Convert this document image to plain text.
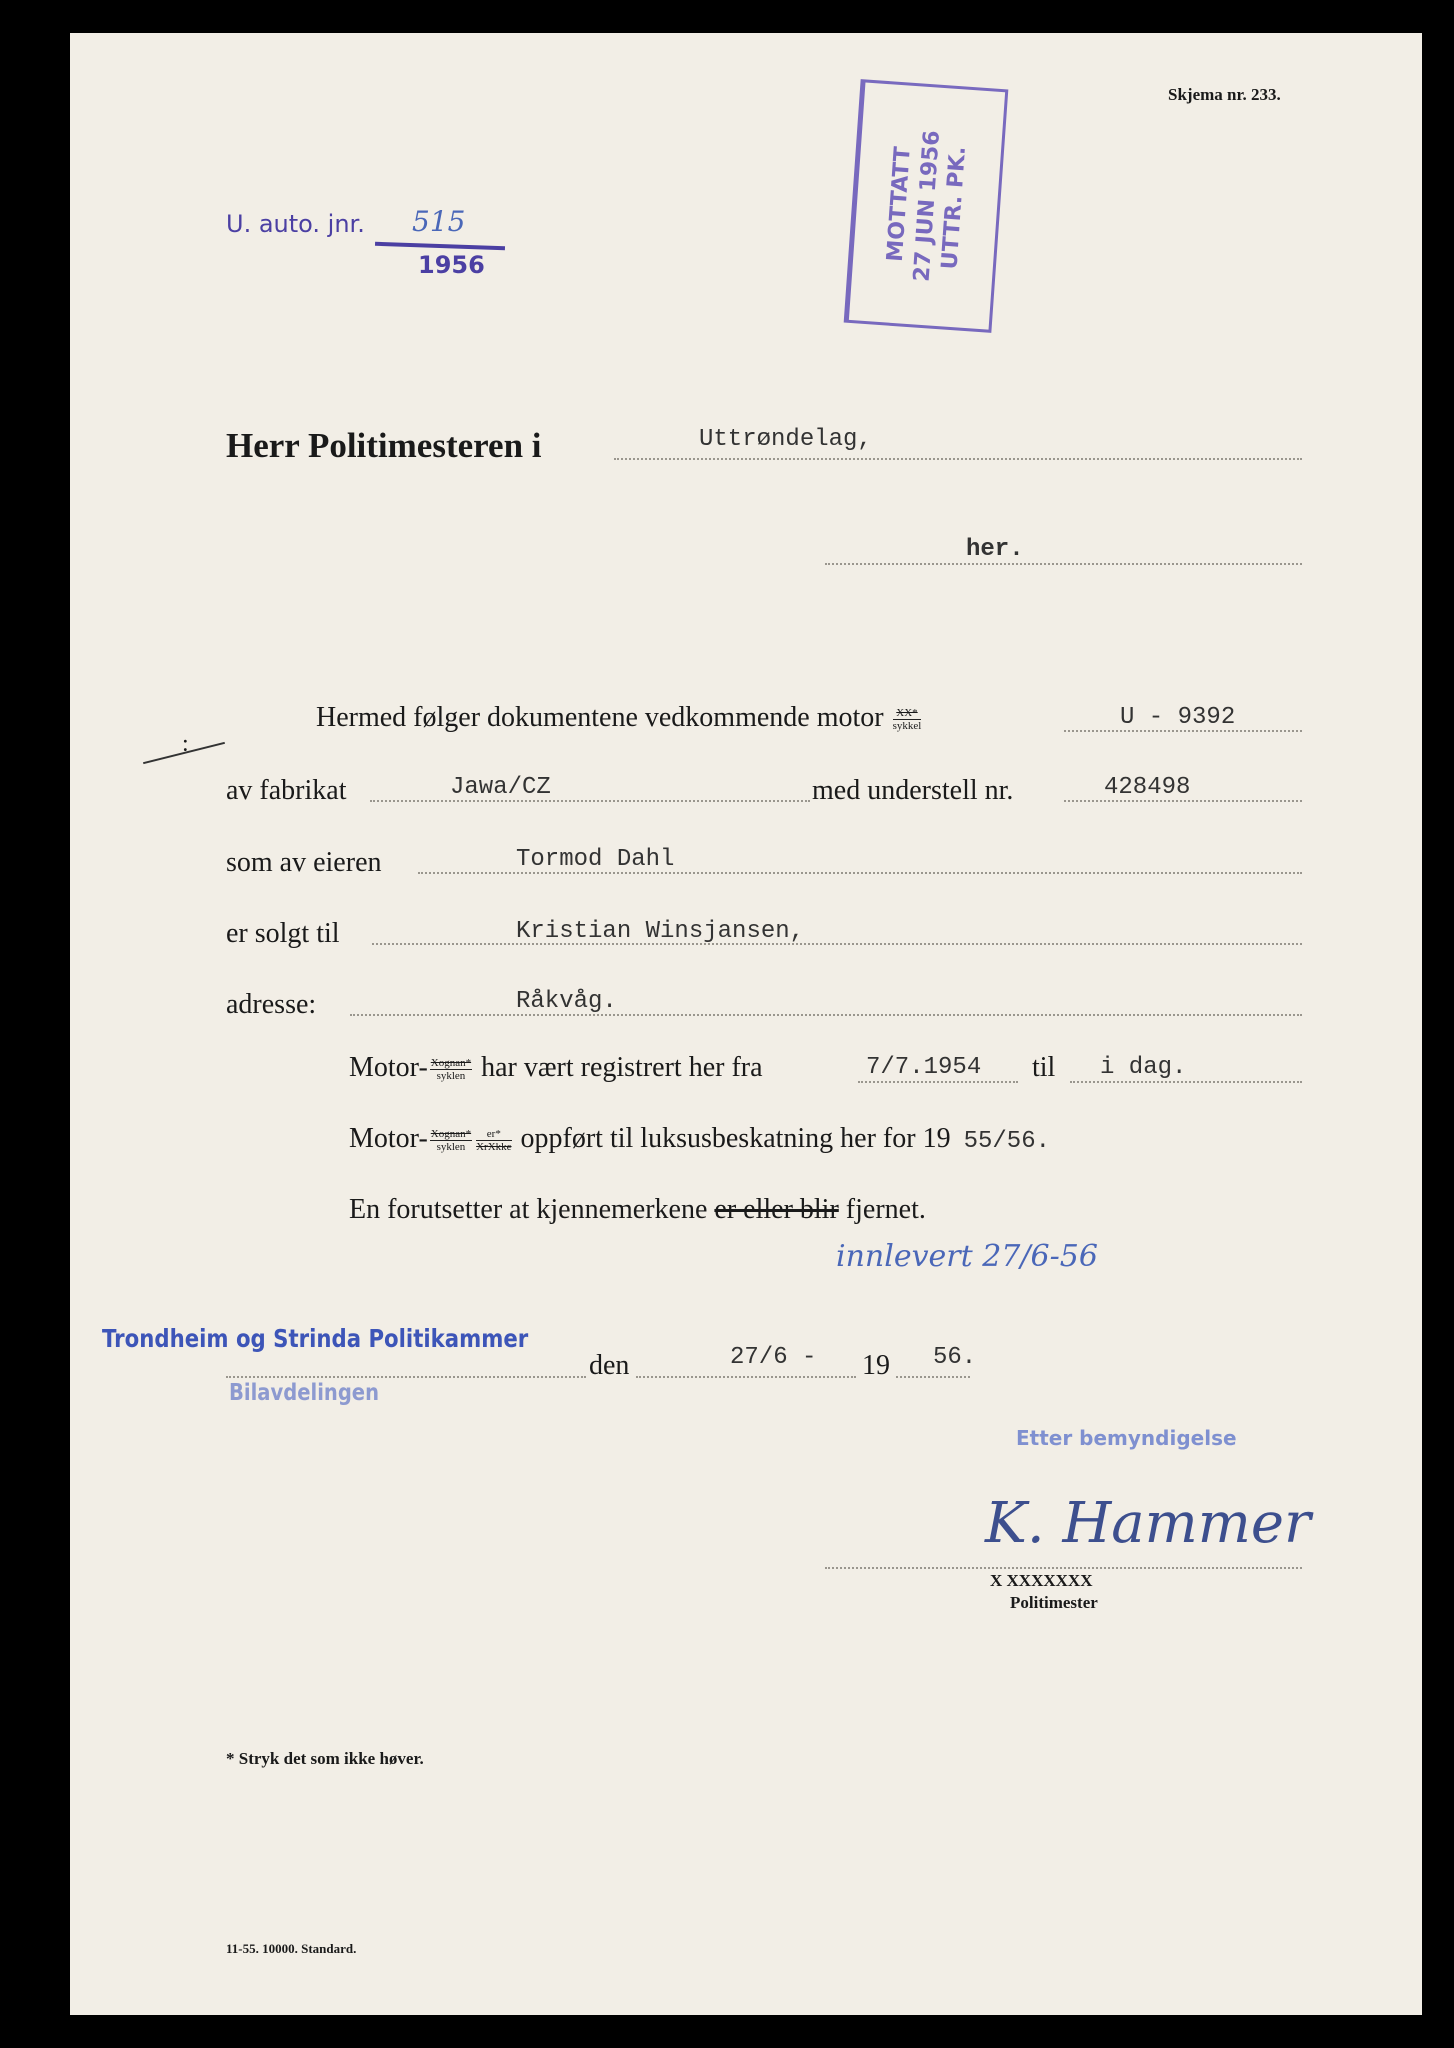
Skjema nr. 233.
U. auto. jnr. 515
1956
MOTTATT
27 JUN 1956
UTTR. PK.
Herr Politimesteren i	Uttrøndelag,
her.
:
Hermed følger dokumentene vedkommende motor $\frac{XX*}{\text{sykkel}}$	U - 9392
av fabrikat	Jawa/CZ	med understell nr.	428498
som av eieren	Tormod Dahl
er solgt til	Kristian Winsjansen,
adresse:	Råkvåg.
Motor- $\frac{\text{Xognan*}}{\text{syklen}}$ har vært registrert her fra	7/7.1954 til i dag.
Motor- $\frac{\text{Xognan*}}{\text{syklen}} \frac{er*}{\text{XrXkke}}$ oppført til luksusbeskatning her for 19 55/56.
En forutsetter at kjennemerkene er eller blir fjernet.
innlevert 27/6-56
Trondheim og Strinda Politikammer
Bilavdelingen
den	27/6 - 19 56.
Etter bemyndigelse
K. Hammer
X XXXXXXX
Politimester
* Stryk det som ikke høver.
11-55. 10000. Standard.
